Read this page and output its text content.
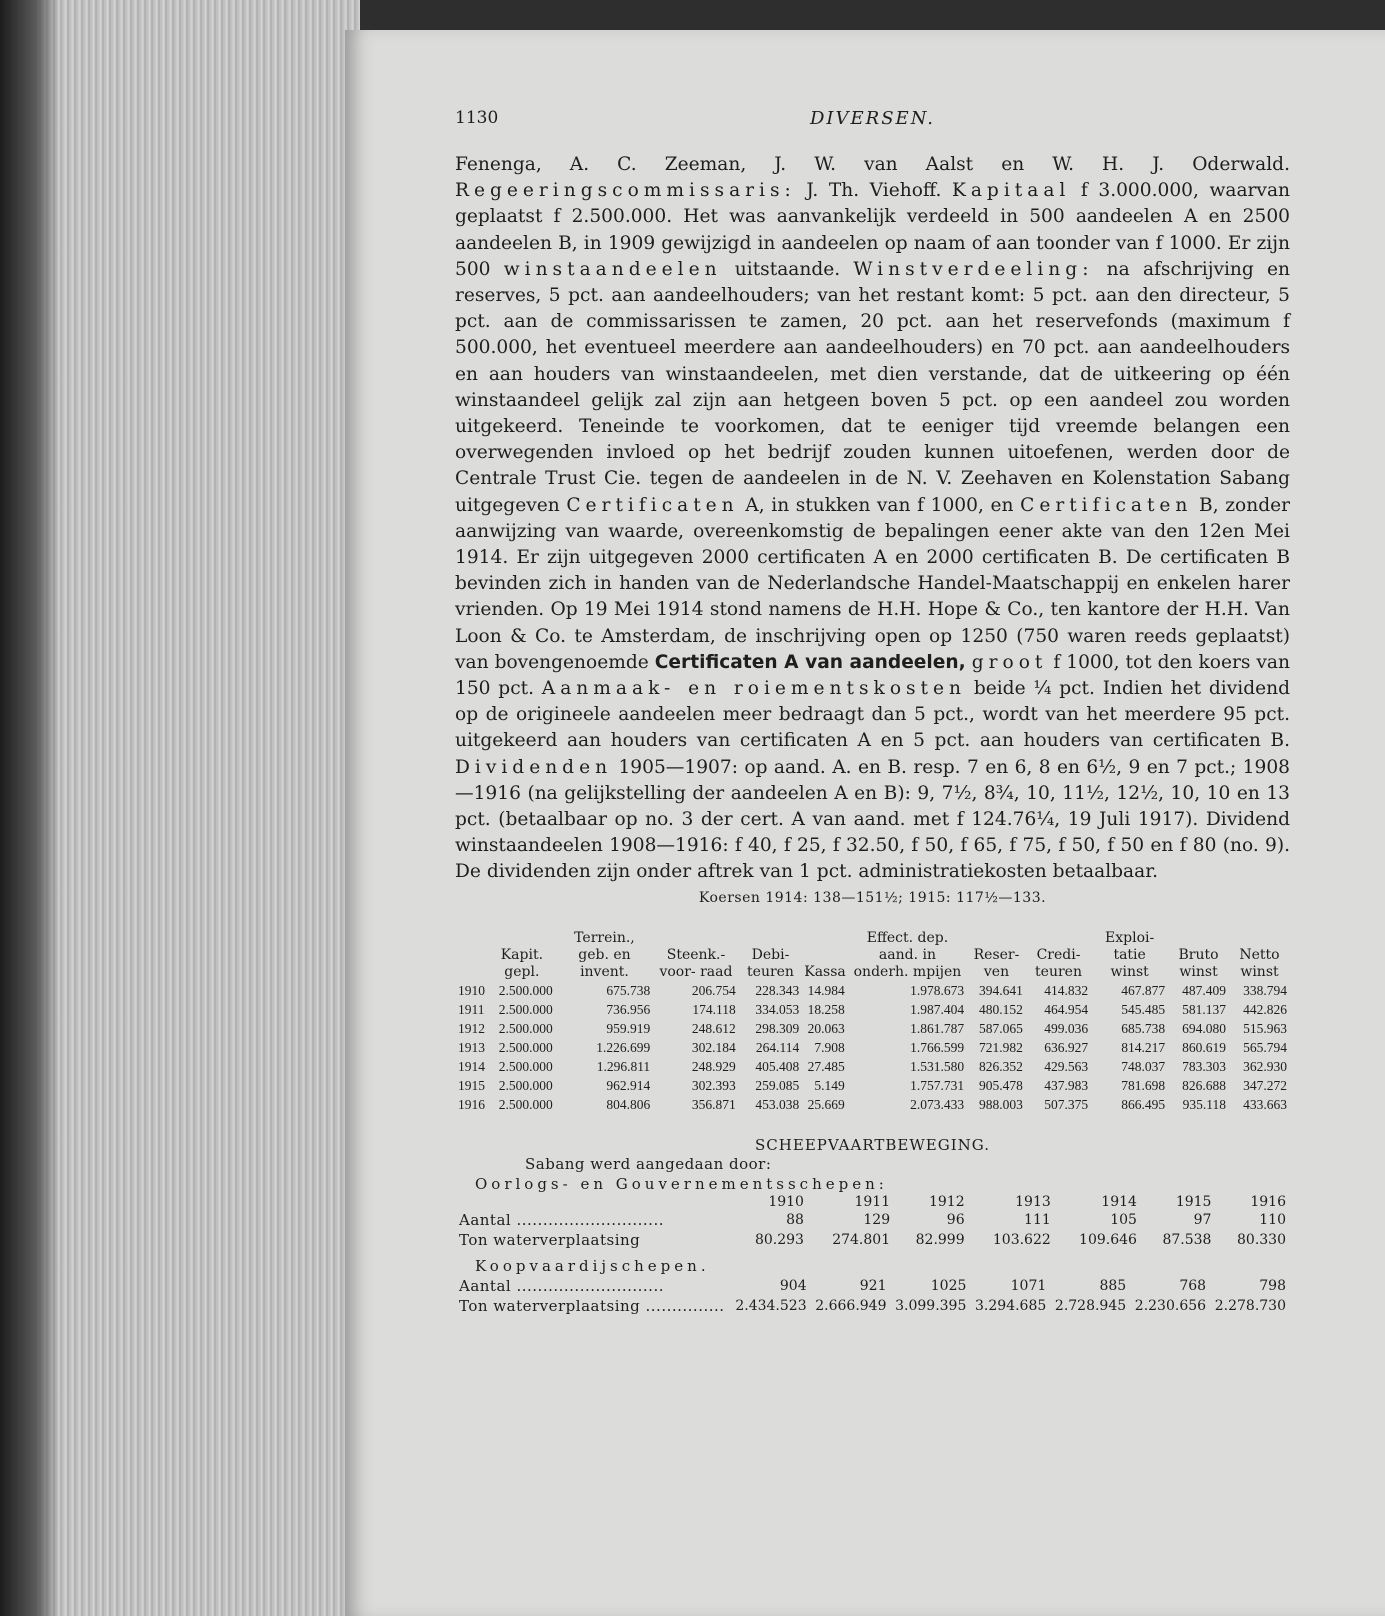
1130	DIVERSEN.
Fenenga, A. C. Zeeman, J. W. van Aalst en W. H. J. Oderwald. Regeeringscommissaris: J. Th. Viehoff. Kapitaal f 3.000.000, waarvan geplaatst f 2.500.000. Het was aanvankelijk verdeeld in 500 aandeelen A en 2500 aandeelen B, in 1909 gewijzigd in aandeelen op naam of aan toonder van f 1000. Er zijn 500 winstaandeelen uitstaande. Winstverdeeling: na afschrijving en reserves, 5 pct. aan aandeelhouders; van het restant komt: 5 pct. aan den directeur, 5 pct. aan de commissarissen te zamen, 20 pct. aan het reservefonds (maximum f 500.000, het eventueel meerdere aan aandeelhouders) en 70 pct. aan aandeelhouders en aan houders van winstaandeelen, met dien verstande, dat de uitkeering op één winstaandeel gelijk zal zijn aan hetgeen boven 5 pct. op een aandeel zou worden uitgekeerd. Teneinde te voorkomen, dat te eeniger tijd vreemde belangen een overwegenden invloed op het bedrijf zouden kunnen uitoefenen, werden door de Centrale Trust Cie. tegen de aandeelen in de N. V. Zeehaven en Kolenstation Sabang uitgegeven Certificaten A, in stukken van f 1000, en Certificaten B, zonder aanwijzing van waarde, overeenkomstig de bepalingen eener akte van den 12en Mei 1914. Er zijn uitgegeven 2000 certificaten A en 2000 certificaten B. De certificaten B bevinden zich in handen van de Nederlandsche Handel-Maatschappij en enkelen harer vrienden. Op 19 Mei 1914 stond namens de H.H. Hope & Co., ten kantore der H.H. Van Loon & Co. te Amsterdam, de inschrijving open op 1250 (750 waren reeds geplaatst) van bovengenoemde Certificaten A van aandeelen, groot f 1000, tot den koers van 150 pct. Aanmaak- en roiementskosten beide ¼ pct. Indien het dividend op de origineele aandeelen meer bedraagt dan 5 pct., wordt van het meerdere 95 pct. uitgekeerd aan houders van certificaten A en 5 pct. aan houders van certificaten B. Dividenden 1905—1907: op aand. A. en B. resp. 7 en 6, 8 en 6½, 9 en 7 pct.; 1908—1916 (na gelijkstelling der aandeelen A en B): 9, 7½, 8¾, 10, 11½, 12½, 10, 10 en 13 pct. (betaalbaar op no. 3 der cert. A van aand. met f 124.76¼, 19 Juli 1917). Dividend winstaandeelen 1908—1916: f 40, f 25, f 32.50, f 50, f 65, f 75, f 50, f 50 en f 80 (no. 9). De dividenden zijn onder aftrek van 1 pct. administratiekosten betaalbaar.
Koersen 1914: 138—151½; 1915: 117½—133.
	Kapit. gepl.	Terrein., geb. en invent.	Steenk.- voor- raad	Debi- teuren	Kassa	Effect. dep. aand. in onderh. mpijen	Reser- ven	Credi- teuren	Exploi- tatie winst	Bruto winst	Netto winst
1910	2.500.000	675.738	206.754	228.343	14.984	1.978.673	394.641	414.832	467.877	487.409	338.794
1911	2.500.000	736.956	174.118	334.053	18.258	1.987.404	480.152	464.954	545.485	581.137	442.826
1912	2.500.000	959.919	248.612	298.309	20.063	1.861.787	587.065	499.036	685.738	694.080	515.963
1913	2.500.000	1.226.699	302.184	264.114	7.908	1.766.599	721.982	636.927	814.217	860.619	565.794
1914	2.500.000	1.296.811	248.929	405.408	27.485	1.531.580	826.352	429.563	748.037	783.303	362.930
1915	2.500.000	962.914	302.393	259.085	5.149	1.757.731	905.478	437.983	781.698	826.688	347.272
1916	2.500.000	804.806	356.871	453.038	25.669	2.073.433	988.003	507.375	866.495	935.118	433.663
SCHEEPVAARTBEWEGING.
Sabang werd aangedaan door:
Oorlogs- en Gouvernementsschepen:
	1910	1911	1912	1913	1914	1915	1916
Aantal ............................	88	129	96	111	105	97	110
Ton waterverplaatsing	80.293	274.801	82.999	103.622	109.646	87.538	80.330
Koopvaardijschepen.
Aantal ............................	904	921	1025	1071	885	768	798
Ton waterverplaatsing ...............	2.434.523	2.666.949	3.099.395	3.294.685	2.728.945	2.230.656	2.278.730
